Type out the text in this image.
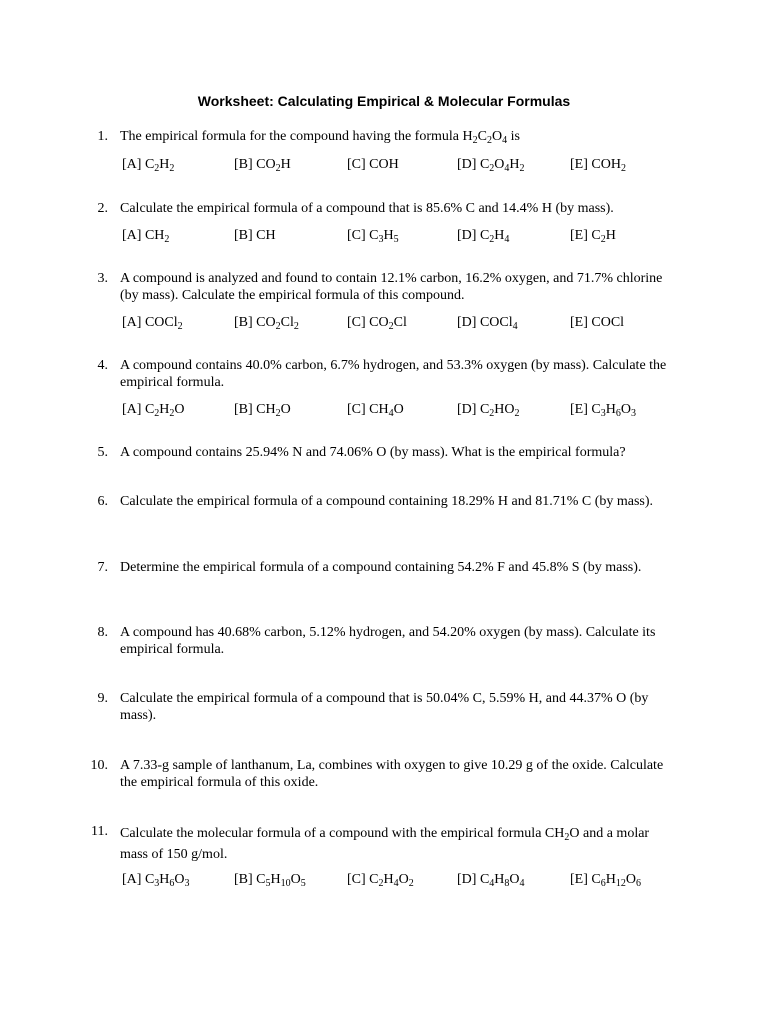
Worksheet: Calculating Empirical & Molecular Formulas
1. The empirical formula for the compound having the formula $H_2C_2O_4$ is
[A] $C_2H_2$	[B] $CO_2H$	[C] COH	[D] $C_2O_4H_2$	[E] $COH_2$
2. Calculate the empirical formula of a compound that is 85.6% C and 14.4% H (by mass).
[A] $CH_2$	[B] CH	[C] $C_3H_5$	[D] $C_2H_4$	[E] $C_2H$
3. A compound is analyzed and found to contain 12.1% carbon, 16.2% oxygen, and 71.7% chlorine (by mass). Calculate the empirical formula of this compound.
[A] COCl$_2$	[B] $CO_2Cl_2$	[C] $CO_2Cl$	[D] COCl$_4$	[E] COCl
4. A compound contains 40.0% carbon, 6.7% hydrogen, and 53.3% oxygen (by mass). Calculate the empirical formula.
[A] $C_2H_2O$	[B] $CH_2O$	[C] $CH_4O$	[D] $C_2HO_2$	[E] $C_3H_6O_3$
5. A compound contains 25.94% N and 74.06% O (by mass). What is the empirical formula?
6. Calculate the empirical formula of a compound containing 18.29% H and 81.71% C (by mass).
7. Determine the empirical formula of a compound containing 54.2% F and 45.8% S (by mass).
8. A compound has 40.68% carbon, 5.12% hydrogen, and 54.20% oxygen (by mass). Calculate its empirical formula.
9. Calculate the empirical formula of a compound that is 50.04% C, 5.59% H, and 44.37% O (by mass).
10. A 7.33-g sample of lanthanum, La, combines with oxygen to give 10.29 g of the oxide. Calculate the empirical formula of this oxide.
11. Calculate the molecular formula of a compound with the empirical formula $CH_2O$ and a molar mass of 150 g/mol.
[A] $C_3H_6O_3$	[B] $C_5H_{10}O_5$	[C] $C_2H_4O_2$	[D] $C_4H_8O_4$	[E] $C_6H_{12}O_6$
